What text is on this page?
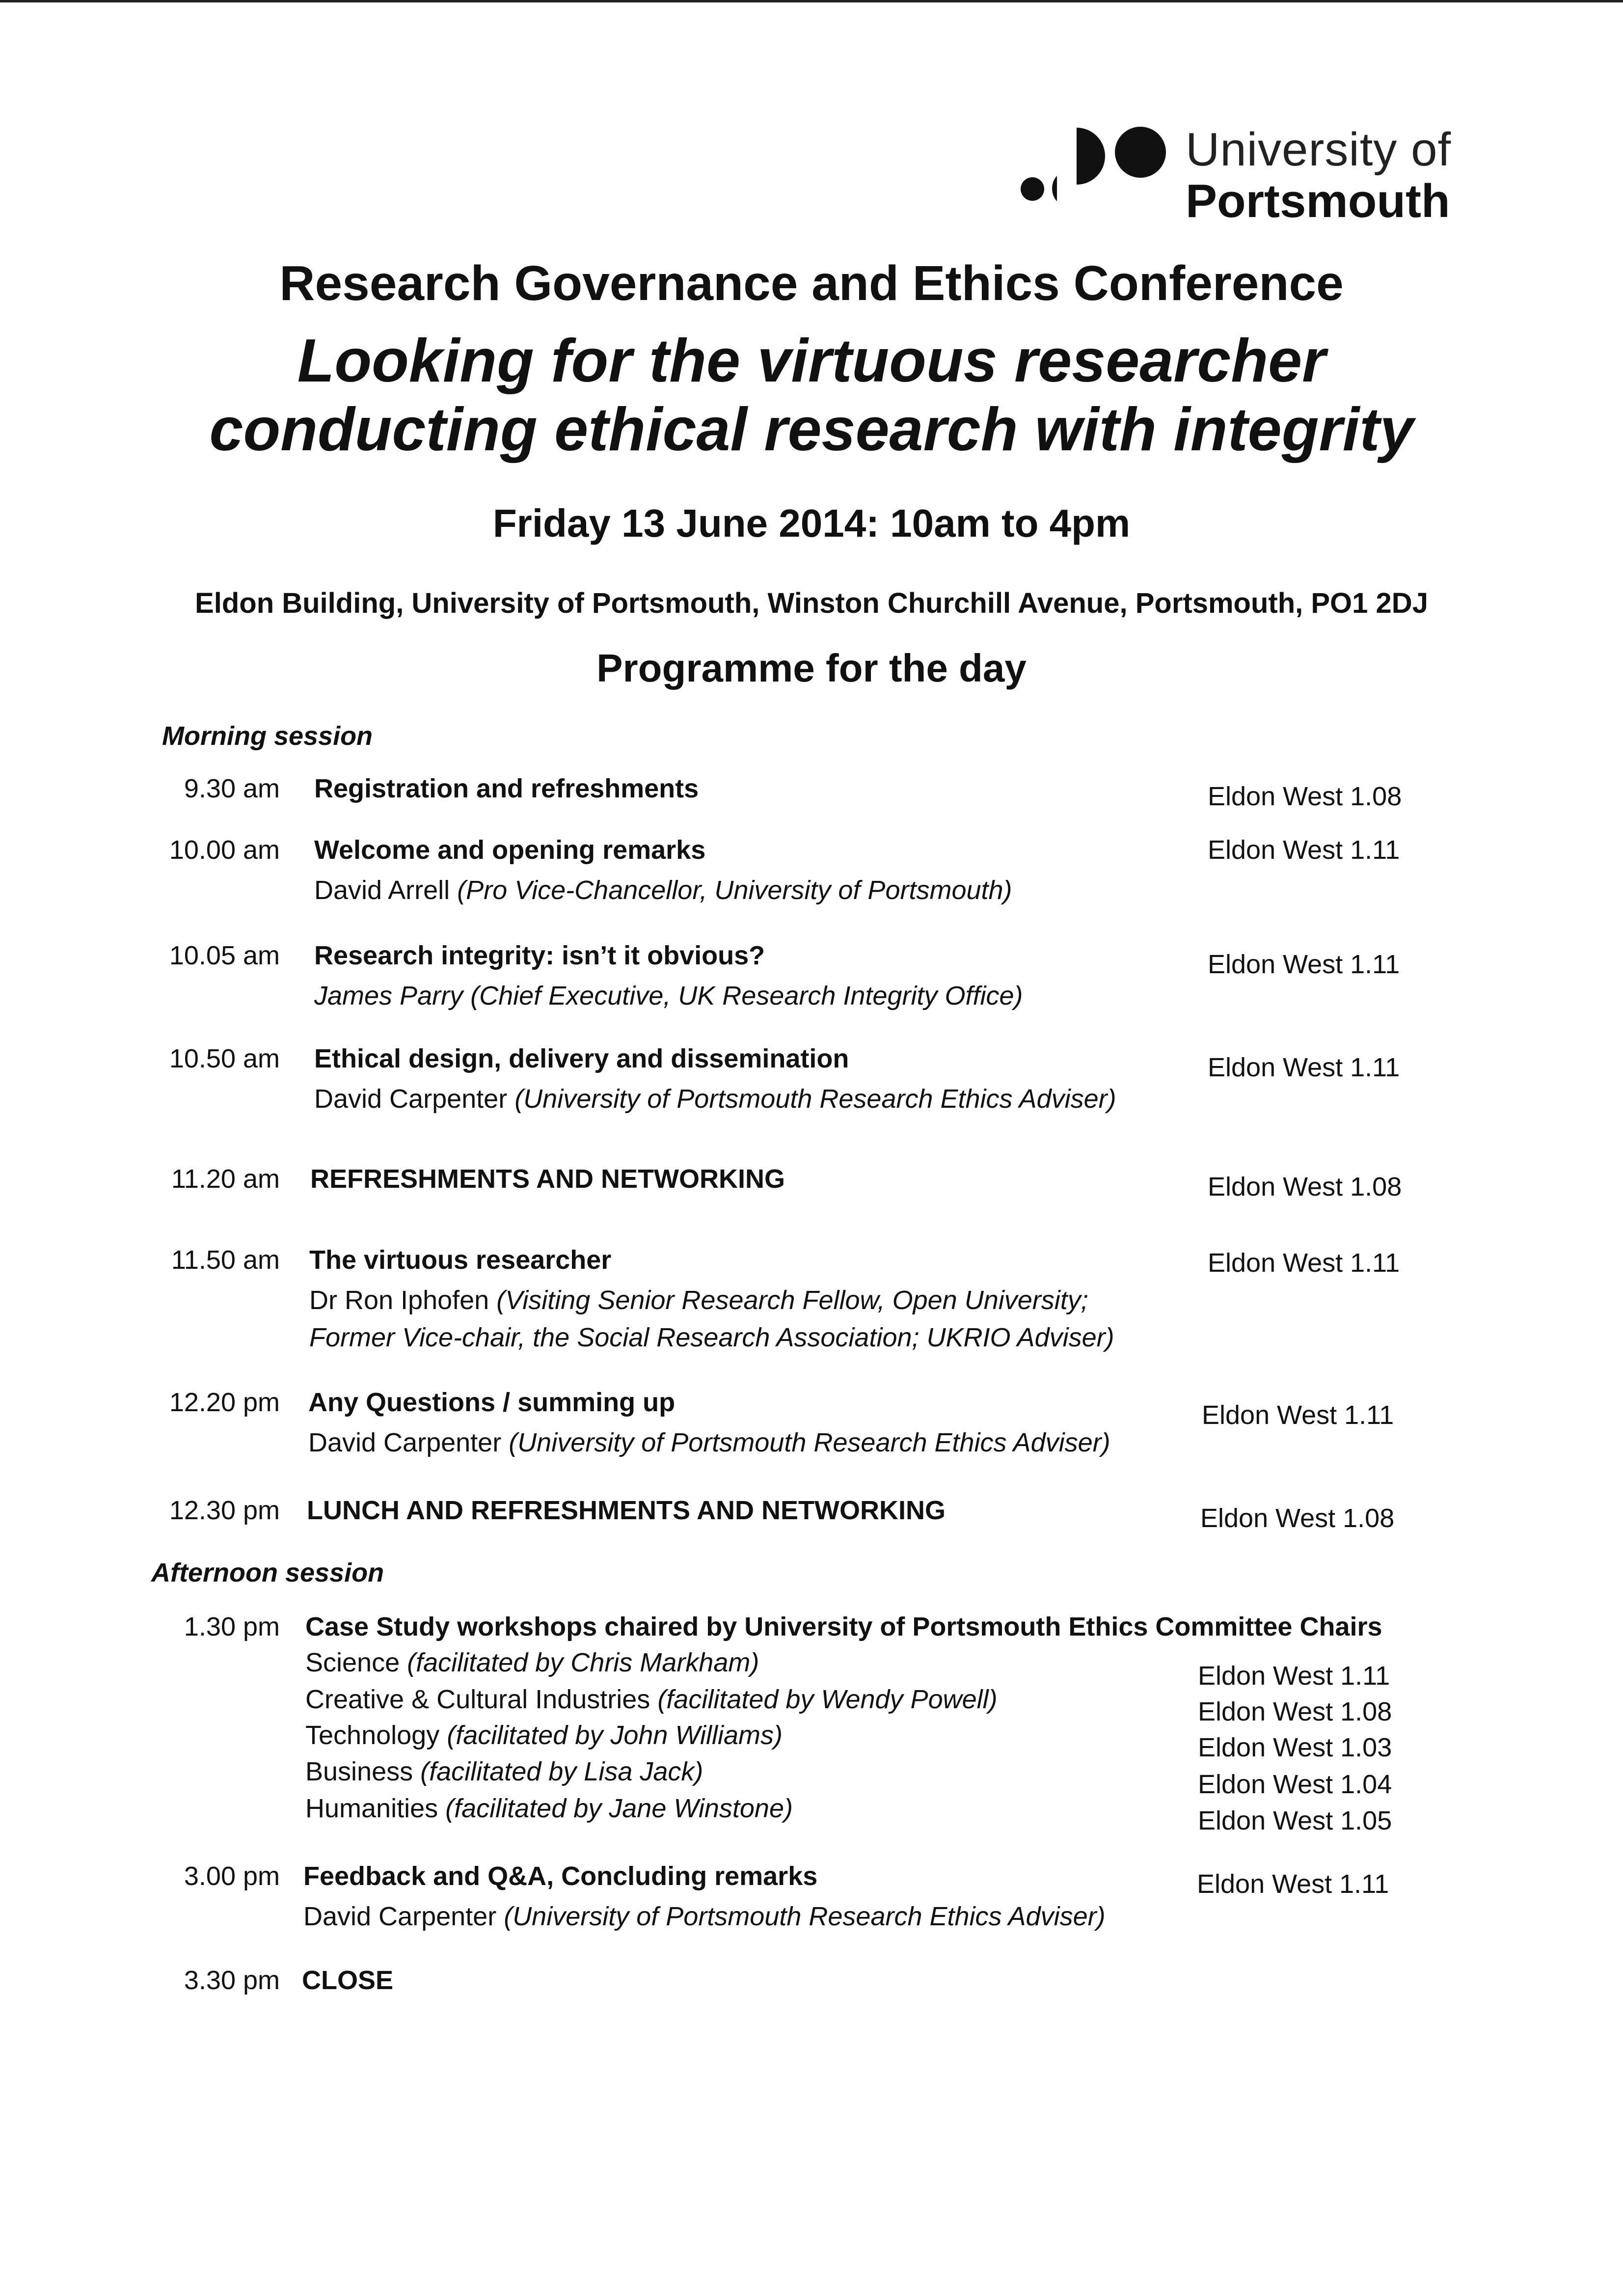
University of
Portsmouth
Research Governance and Ethics Conference
Looking for the virtuous researcher
conducting ethical research with integrity
Friday 13 June 2014: 10am to 4pm
Eldon Building, University of Portsmouth, Winston Churchill Avenue, Portsmouth, PO1 2DJ
Programme for the day
Morning session
9.30 am Registration and refreshments	Eldon West 1.08
10.00 am Welcome and opening remarks
David Arrell (Pro Vice-Chancellor, University of Portsmouth)
Eldon West 1.11
10.05 am Research integrity: isn’t it obvious?
James Parry (Chief Executive, UK Research Integrity Office)
Eldon West 1.11
10.50 am Ethical design, delivery and dissemination
David Carpenter (University of Portsmouth Research Ethics Adviser)
Eldon West 1.11
11.20 am REFRESHMENTS AND NETWORKING	Eldon West 1.08
11.50 am The virtuous researcher
Dr Ron Iphofen (Visiting Senior Research Fellow, Open University;
Former Vice-chair, the Social Research Association; UKRIO Adviser)
Eldon West 1.11
12.20 pm Any Questions / summing up
David Carpenter (University of Portsmouth Research Ethics Adviser)
Eldon West 1.11
12.30 pm LUNCH AND REFRESHMENTS AND NETWORKING	Eldon West 1.08
Afternoon session
1.30 pm Case Study workshops chaired by University of Portsmouth Ethics Committee Chairs
Science (facilitated by Chris Markham)	Eldon West 1.11
Creative & Cultural Industries (facilitated by Wendy Powell)	Eldon West 1.08
Technology (facilitated by John Williams)	Eldon West 1.03
Business (facilitated by Lisa Jack)	Eldon West 1.04
Humanities (facilitated by Jane Winstone)	Eldon West 1.05
3.00 pm Feedback and Q&A, Concluding remarks
David Carpenter (University of Portsmouth Research Ethics Adviser)
Eldon West 1.11
3.30 pm CLOSE
